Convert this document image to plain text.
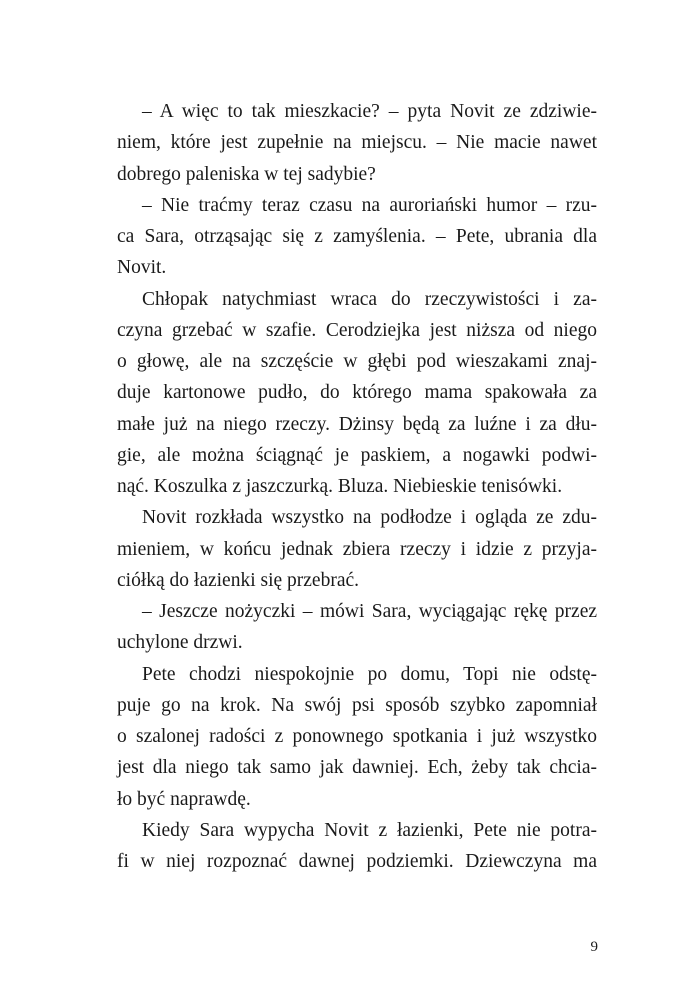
– A więc to tak mieszkacie? – pyta Novit ze zdziwie-
niem, które jest zupełnie na miejscu. – Nie macie nawet
dobrego paleniska w tej sadybie?
– Nie traćmy teraz czasu na auroriański humor – rzu-
ca Sara, otrząsając się z zamyślenia. – Pete, ubrania dla
Novit.
Chłopak natychmiast wraca do rzeczywistości i za-
czyna grzebać w szafie. Cerodziejka jest niższa od niego
o głowę, ale na szczęście w głębi pod wieszakami znaj-
duje kartonowe pudło, do którego mama spakowała za
małe już na niego rzeczy. Dżinsy będą za luźne i za dłu-
gie, ale można ściągnąć je paskiem, a nogawki podwi-
nąć. Koszulka z jaszczurką. Bluza. Niebieskie tenisówki.
Novit rozkłada wszystko na podłodze i ogląda ze zdu-
mieniem, w końcu jednak zbiera rzeczy i idzie z przyja-
ciółką do łazienki się przebrać.
– Jeszcze nożyczki – mówi Sara, wyciągając rękę przez
uchylone drzwi.
Pete chodzi niespokojnie po domu, Topi nie odstę-
puje go na krok. Na swój psi sposób szybko zapomniał
o szalonej radości z ponownego spotkania i już wszystko
jest dla niego tak samo jak dawniej. Ech, żeby tak chcia-
ło być naprawdę.
Kiedy Sara wypycha Novit z łazienki, Pete nie potra-
fi w niej rozpoznać dawnej podziemki. Dziewczyna ma
9
